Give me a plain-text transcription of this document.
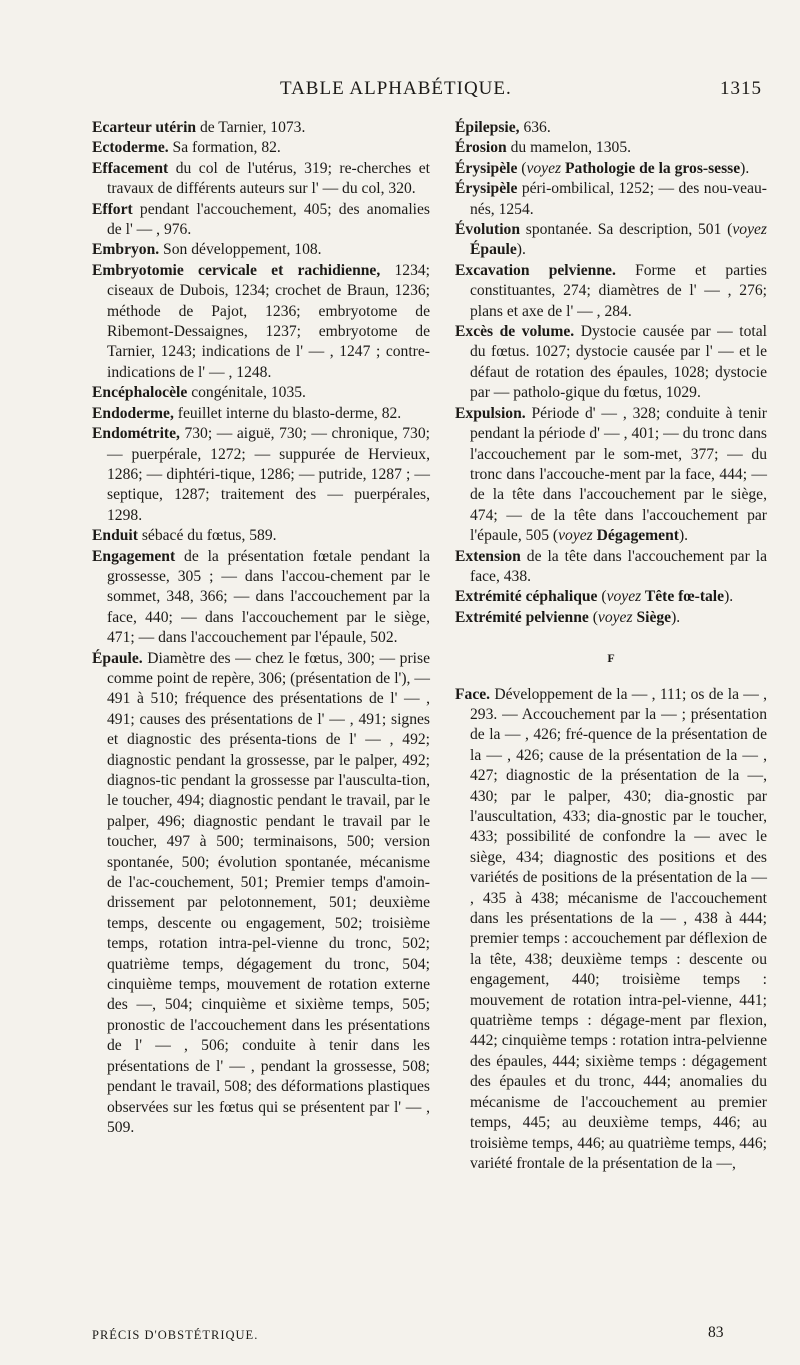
TABLE ALPHABÉTIQUE.	1315

Ecarteur utérin de Tarnier, 1073.

Ectoderme. Sa formation, 82.

Effacement du col de l'utérus, 319; re-cherches et travaux de différents auteurs sur l' — du col, 320.

Effort pendant l'accouchement, 405; des anomalies de l' — , 976.

Embryon. Son développement, 108.

Embryotomie cervicale et rachidienne, 1234; ciseaux de Dubois, 1234; crochet de Braun, 1236; méthode de Pajot, 1236; embryotome de Ribemont-Dessaignes, 1237; embryotome de Tarnier, 1243; indications de l' — , 1247 ; contre-indications de l' — , 1248.

Encéphalocèle congénitale, 1035.

Endoderme, feuillet interne du blasto-derme, 82.

Endométrite, 730; — aiguë, 730; — chronique, 730; — puerpérale, 1272; — suppurée de Hervieux, 1286; — diphtéri-tique, 1286; — putride, 1287 ; — septique, 1287; traitement des — puerpérales, 1298.

Enduit sébacé du fœtus, 589.

Engagement de la présentation fœtale pendant la grossesse, 305 ; — dans l'accou-chement par le sommet, 348, 366; — dans l'accouchement par la face, 440; — dans l'accouchement par le siège, 471; — dans l'accouchement par l'épaule, 502.

Épaule. Diamètre des — chez le fœtus, 300; — prise comme point de repère, 306; (présentation de l'), — 491 à 510; fréquence des présentations de l' — , 491; causes des présentations de l' — , 491; signes et diagnostic des présenta-tions de l' — , 492; diagnostic pendant la grossesse, par le palper, 492; diagnos-tic pendant la grossesse par l'ausculta-tion, le toucher, 494; diagnostic pendant le travail, par le palper, 496; diagnostic pendant le travail par le toucher, 497 à 500; terminaisons, 500; version spontanée, 500; évolution spontanée, mécanisme de l'ac-couchement, 501; Premier temps d'amoin-drissement par pelotonnement, 501; deuxième temps, descente ou engagement, 502; troisième temps, rotation intra-pel-vienne du tronc, 502; quatrième temps, dégagement du tronc, 504; cinquième temps, mouvement de rotation externe des —, 504; cinquième et sixième temps, 505; pronostic de l'accouchement dans les présentations de l' — , 506; conduite à tenir dans les présentations de l' — , pendant la grossesse, 508; pendant le travail, 508; des déformations plastiques observées sur les fœtus qui se présentent par l' — , 509.

Épilepsie, 636.

Érosion du mamelon, 1305.

Érysipèle (voyez Pathologie de la gros-sesse).

Érysipèle péri-ombilical, 1252; — des nou-veau-nés, 1254.

Évolution spontanée. Sa description, 501 (voyez Épaule).

Excavation pelvienne. Forme et parties constituantes, 274; diamètres de l' — , 276; plans et axe de l' — , 284.

Excès de volume. Dystocie causée par — total du fœtus. 1027; dystocie causée par l' — et le défaut de rotation des épaules, 1028; dystocie par — patholo-gique du fœtus, 1029.

Expulsion. Période d' — , 328; conduite à tenir pendant la période d' — , 401; — du tronc dans l'accouchement par le som-met, 377; — du tronc dans l'accouche-ment par la face, 444; — de la tête dans l'accouchement par le siège, 474; — de la tête dans l'accouchement par l'épaule, 505 (voyez Dégagement).

Extension de la tête dans l'accouchement par la face, 438.

Extrémité céphalique (voyez Tête fœ-tale).

Extrémité pelvienne (voyez Siège).

F

Face. Développement de la — , 111; os de la — , 293. — Accouchement par la — ; présentation de la — , 426; fré-quence de la présentation de la — , 426; cause de la présentation de la — , 427; diagnostic de la présentation de la —, 430; par le palper, 430; dia-gnostic par l'auscultation, 433; dia-gnostic par le toucher, 433; possibilité de confondre la — avec le siège, 434; diagnostic des positions et des variétés de positions de la présentation de la — , 435 à 438; mécanisme de l'accouchement dans les présentations de la — , 438 à 444; premier temps : accouchement par déflexion de la tête, 438; deuxième temps : descente ou engagement, 440; troisième temps : mouvement de rotation intra-pel-vienne, 441; quatrième temps : dégage-ment par flexion, 442; cinquième temps : rotation intra-pelvienne des épaules, 444; sixième temps : dégagement des épaules et du tronc, 444; anomalies du mécanisme de l'accouchement au premier temps, 445; au deuxième temps, 446; au troisième temps, 446; au quatrième temps, 446; variété frontale de la présentation de la —,

PRÉCIS D'OBSTÉTRIQUE.	83
